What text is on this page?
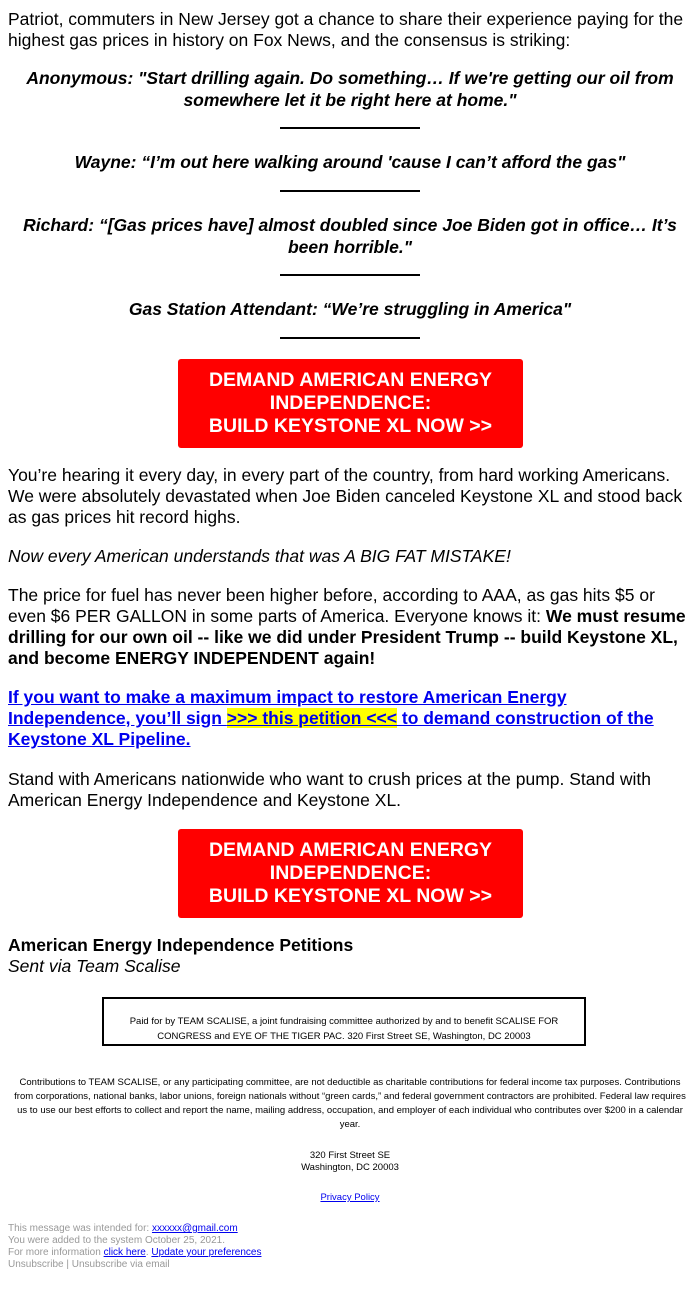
Patriot, commuters in New Jersey got a chance to share their experience paying for the highest gas prices in history on Fox News, and the consensus is striking:

Anonymous: "Start drilling again. Do something… If we're getting our oil from somewhere let it be right here at home."
Wayne: “I’m out here walking around 'cause I can’t afford the gas"
Richard: “[Gas prices have] almost doubled since Joe Biden got in office… It’s been horrible."
Gas Station Attendant: “We’re struggling in America"
DEMAND AMERICAN ENERGY
INDEPENDENCE:
BUILD KEYSTONE XL NOW >>

You’re hearing it every day, in every part of the country, from hard working Americans. We were absolutely devastated when Joe Biden canceled Keystone XL and stood back as gas prices hit record highs.

Now every American understands that was A BIG FAT MISTAKE!

The price for fuel has never been higher before, according to AAA, as gas hits $5 or even $6 PER GALLON in some parts of America. Everyone knows it: We must resume drilling for our own oil -- like we did under President Trump -- build Keystone XL, and become ENERGY INDEPENDENT again!

If you want to make a maximum impact to restore American Energy Independence, you’ll sign >>> this petition <<< to demand construction of the Keystone XL Pipeline.

Stand with Americans nationwide who want to crush prices at the pump. Stand with American Energy Independence and Keystone XL.

DEMAND AMERICAN ENERGY
INDEPENDENCE:
BUILD KEYSTONE XL NOW >>
American Energy Independence Petitions
Sent via Team Scalise
Paid for by TEAM SCALISE, a joint fundraising committee authorized by and to benefit SCALISE FOR CONGRESS and EYE OF THE TIGER PAC. 320 First Street SE, Washington, DC 20003
Contributions to TEAM SCALISE, or any participating committee, are not deductible as charitable contributions for federal income tax purposes. Contributions from corporations, national banks, labor unions, foreign nationals without “green cards,” and federal government contractors are prohibited. Federal law requires us to use our best efforts to collect and report the name, mailing address, occupation, and employer of each individual who contributes over $200 in a calendar year.
320 First Street SE
Washington, DC 20003
Privacy Policy
This message was intended for: xxxxxx@gmail.com
You were added to the system October 25, 2021.
For more information click here. Update your preferences
Unsubscribe | Unsubscribe via email
